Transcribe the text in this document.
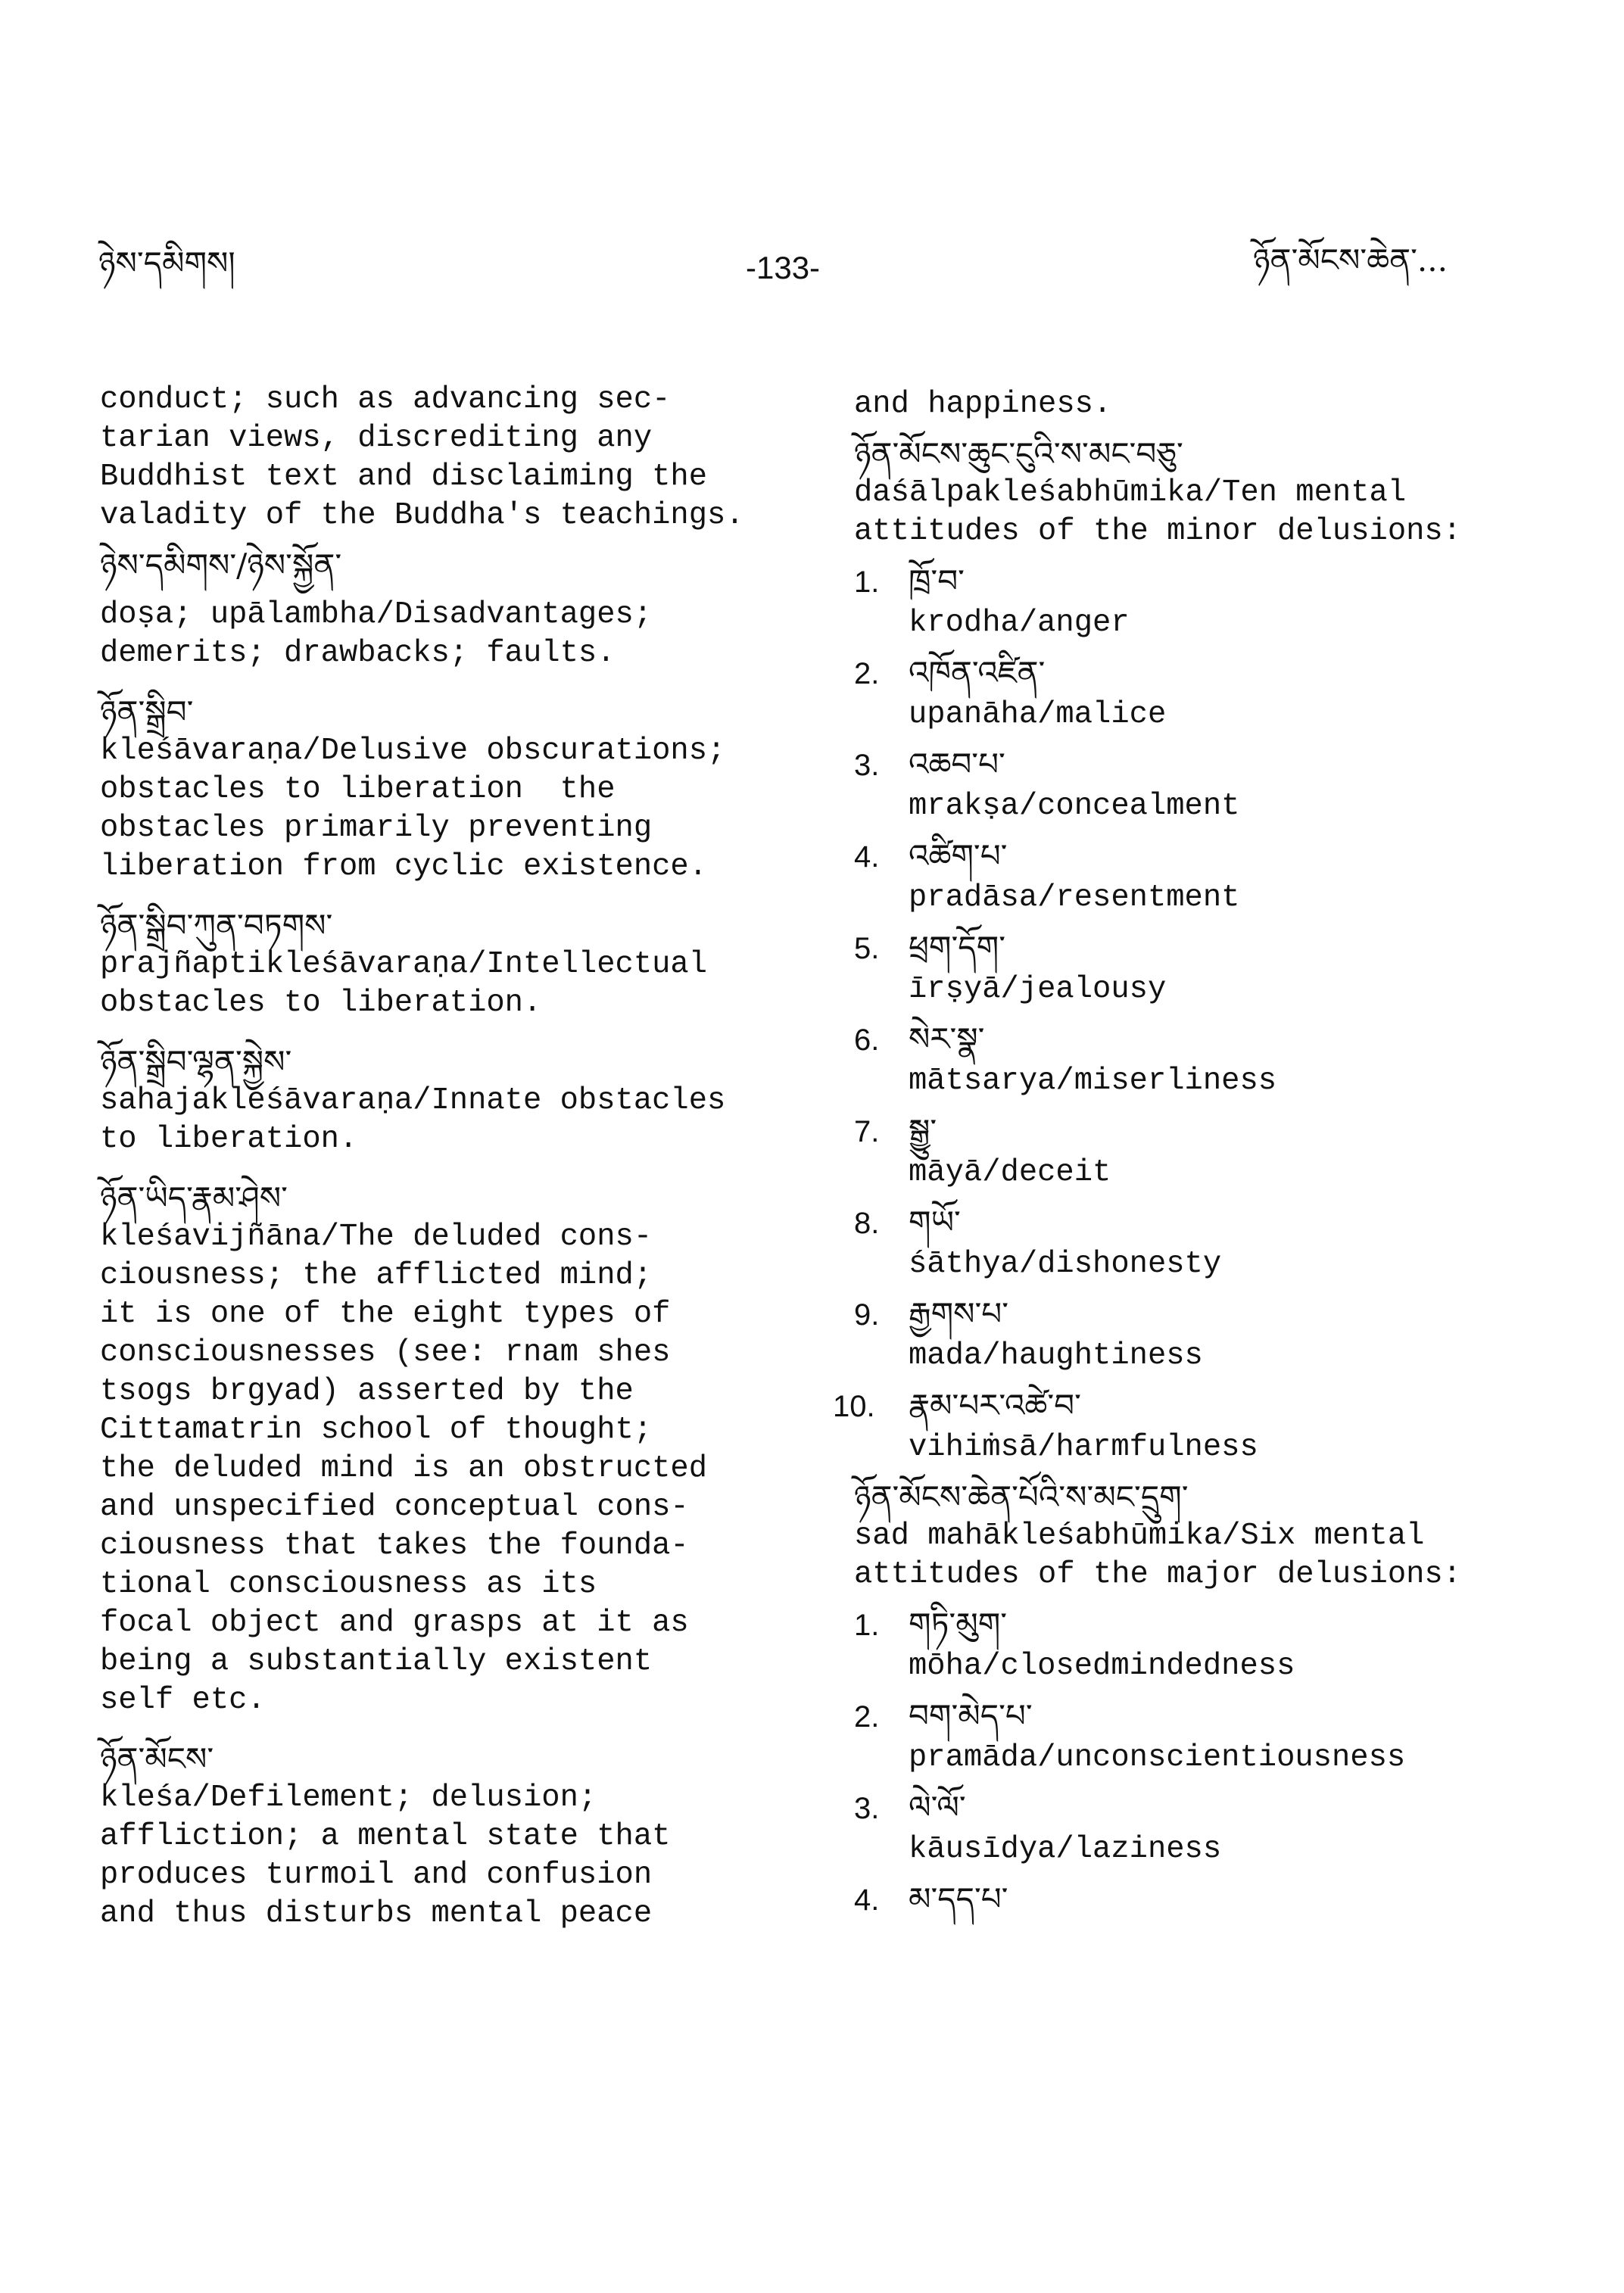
ཉེས་དམིགས།	-133-	ཉོན་མོངས་ཆེན་...
conduct; such as advancing sec-
tarian views, discrediting any
Buddhist text and disclaiming the
valadity of the Buddha's teachings.
ཉེས་དམིགས་/ཉེས་སྐྱོན་
doṣa; upālambha/Disadvantages;
demerits; drawbacks; faults.
ཉོན་སྒྲིབ་
kleśāvaraṇa/Delusive obscurations;
obstacles to liberation  the
obstacles primarily preventing
liberation from cyclic existence.
ཉོན་སྒྲིབ་ཀུན་བཏགས་
prajñaptikleśāvaraṇa/Intellectual
obstacles to liberation.
ཉོན་སྒྲིབ་ལྷན་སྐྱེས་
sahajakleśāvaraṇa/Innate obstacles
to liberation.
ཉོན་ཡིད་རྣམ་ཤེས་
kleśavijñāna/The deluded cons-
ciousness; the afflicted mind;
it is one of the eight types of
consciousnesses (see: rnam shes
tsogs brgyad) asserted by the
Cittamatrin school of thought;
the deluded mind is an obstructed
and unspecified conceptual cons-
ciousness that takes the founda-
tional consciousness as its
focal object and grasps at it as
being a substantially existent
self etc.
ཉོན་མོངས་
kleśa/Defilement; delusion;
affliction; a mental state that
produces turmoil and confusion
and thus disturbs mental peace
and happiness.
ཉོན་མོངས་ཆུང་ངུའི་ས་མང་བཅུ་
daśālpakleśabhūmika/Ten mental
attitudes of the minor delusions:
1. ཁྲོ་བ་
krodha/anger
2. འཁོན་འཛིན་
upanāha/malice
3. འཆབ་པ་
mrakṣa/concealment
4. འཚིག་པ་
pradāsa/resentment
5. ཕྲག་དོག་
īrṣyā/jealousy
6. སེར་སྣ་
mātsarya/miserliness
7. སྒྱུ་
māyā/deceit
8. གཡོ་
śāthya/dishonesty
9. རྒྱགས་པ་
mada/haughtiness
10. རྣམ་པར་འཚེ་བ་
vihiṁsā/harmfulness
ཉོན་མོངས་ཆེན་པོའི་ས་མང་དྲུག་
sad mahākleśabhūmika/Six mental
attitudes of the major delusions:
1. གཏི་མུག་
mōha/closedmindedness
2. བག་མེད་པ་
pramāda/unconscientiousness
3. ལེ་ལོ་
kāusīdya/laziness
4. མ་དད་པ་
